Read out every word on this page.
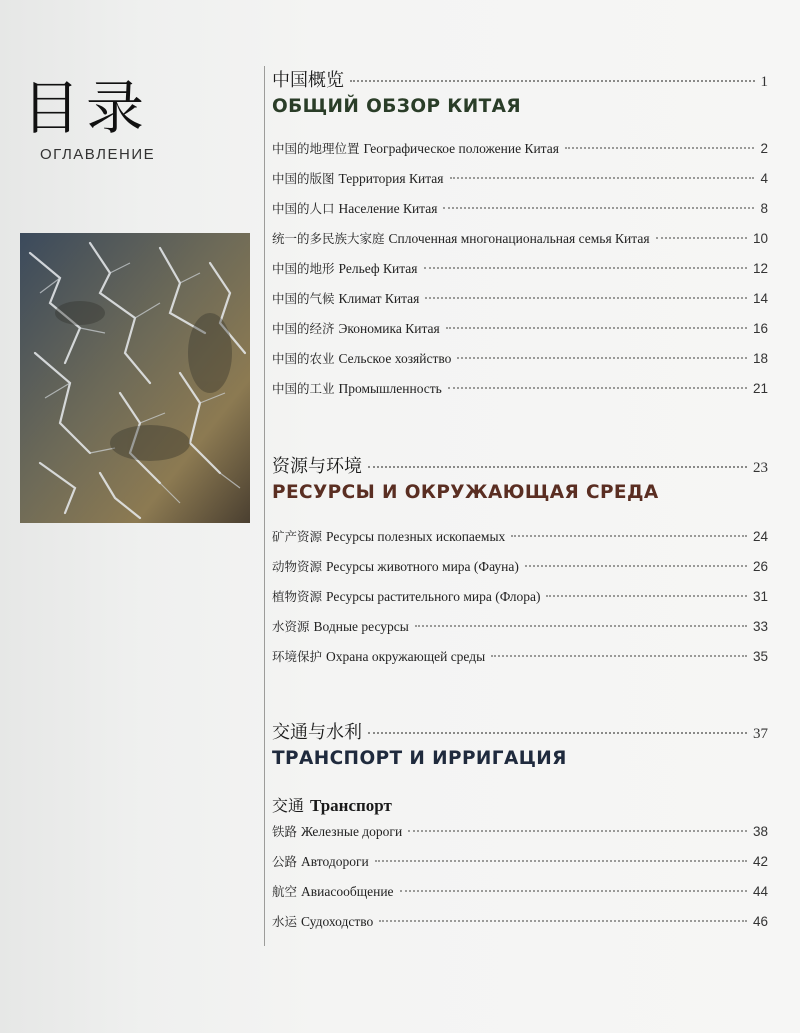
目录
ОГЛАВЛЕНИЕ
中国概览	1
ОБЩИЙ ОБЗОР КИТАЯ
中国的地理位置 Географическое положение Китая	2
中国的版图 Территория Китая	4
中国的人口 Население Китая	8
统一的多民族大家庭 Сплоченная многонациональная семья Китая	10
中国的地形 Рельеф Китая	12
中国的气候 Климат Китая	14
中国的经济 Экономика Китая	16
中国的农业 Сельское хозяйство	18
中国的工业 Промышленность	21
资源与环境	23
РЕСУРСЫ И ОКРУЖАЮЩАЯ СРЕДА
矿产资源 Ресурсы полезных ископаемых	24
动物资源 Ресурсы животного мира (Фауна)	26
植物资源 Ресурсы растительного мира (Флора)	31
水资源 Водные ресурсы	33
环境保护 Охрана окружающей среды	35
交通与水利	37
ТРАНСПОРТ И ИРРИГАЦИЯ
交通 Транспорт
铁路 Железные дороги	38
公路 Автодороги	42
航空 Авиасообщение	44
水运 Судоходство	46
